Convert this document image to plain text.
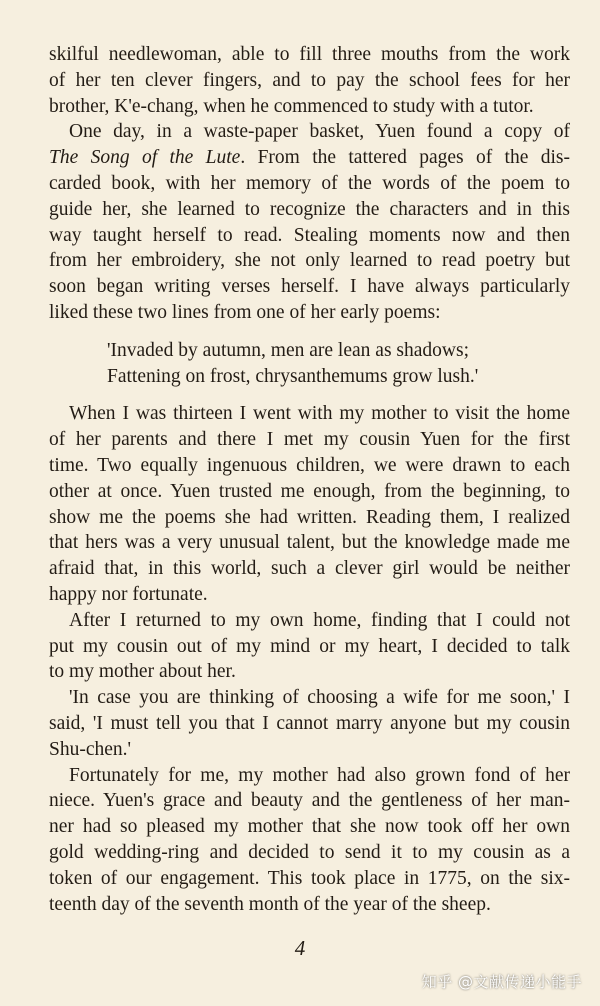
skilful needlewoman, able to fill three mouths from the work
of her ten clever fingers, and to pay the school fees for her
brother, K'e-chang, when he commenced to study with a tutor.
One day, in a waste-paper basket, Yuen found a copy of
The Song of the Lute. From the tattered pages of the dis-
carded book, with her memory of the words of the poem to
guide her, she learned to recognize the characters and in this
way taught herself to read. Stealing moments now and then
from her embroidery, she not only learned to read poetry but
soon began writing verses herself. I have always particularly
liked these two lines from one of her early poems:
'Invaded by autumn, men are lean as shadows;
Fattening on frost, chrysanthemums grow lush.'
When I was thirteen I went with my mother to visit the home
of her parents and there I met my cousin Yuen for the first
time. Two equally ingenuous children, we were drawn to each
other at once. Yuen trusted me enough, from the beginning, to
show me the poems she had written. Reading them, I realized
that hers was a very unusual talent, but the knowledge made me
afraid that, in this world, such a clever girl would be neither
happy nor fortunate.
After I returned to my own home, finding that I could not
put my cousin out of my mind or my heart, I decided to talk
to my mother about her.
'In case you are thinking of choosing a wife for me soon,' I
said, 'I must tell you that I cannot marry anyone but my cousin
Shu-chen.'
Fortunately for me, my mother had also grown fond of her
niece. Yuen's grace and beauty and the gentleness of her man-
ner had so pleased my mother that she now took off her own
gold wedding-ring and decided to send it to my cousin as a
token of our engagement. This took place in 1775, on the six-
teenth day of the seventh month of the year of the sheep.
4
知乎 @文献传递小能手
